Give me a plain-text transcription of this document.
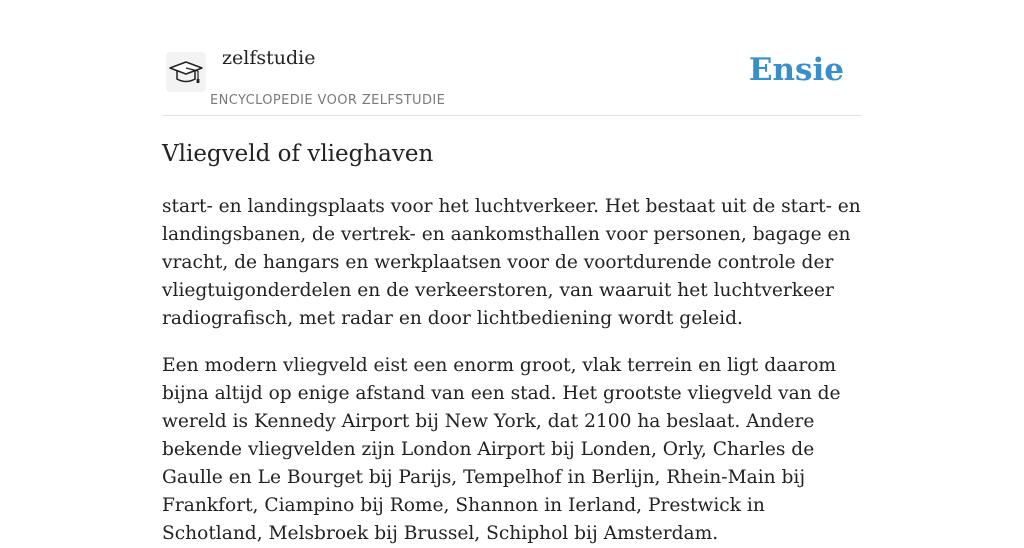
zelfstudie
ENCYCLOPEDIE VOOR ZELFSTUDIE
Ensie
Vliegveld of vlieghaven

start- en landingsplaats voor het luchtverkeer. Het bestaat uit de start- en landingsbanen, de vertrek- en aankomsthallen voor personen, bagage en vracht, de hangars en werkplaatsen voor de voortdurende controle der vliegtuigonderdelen en de verkeerstoren, van waaruit het luchtverkeer radiografisch, met radar en door lichtbediening wordt geleid.

Een modern vliegveld eist een enorm groot, vlak terrein en ligt daarom bijna altijd op enige afstand van een stad. Het grootste vliegveld van de wereld is Kennedy Airport bij New York, dat 2100 ha beslaat. Andere bekende vliegvelden zijn London Airport bij Londen, Orly, Charles de Gaulle en Le Bourget bij Parijs, Tempelhof in Berlijn, Rhein-Main bij Frankfort, Ciampino bij Rome, Shannon in Ierland, Prestwick in Schotland, Melsbroek bij Brussel, Schiphol bij Amsterdam.
